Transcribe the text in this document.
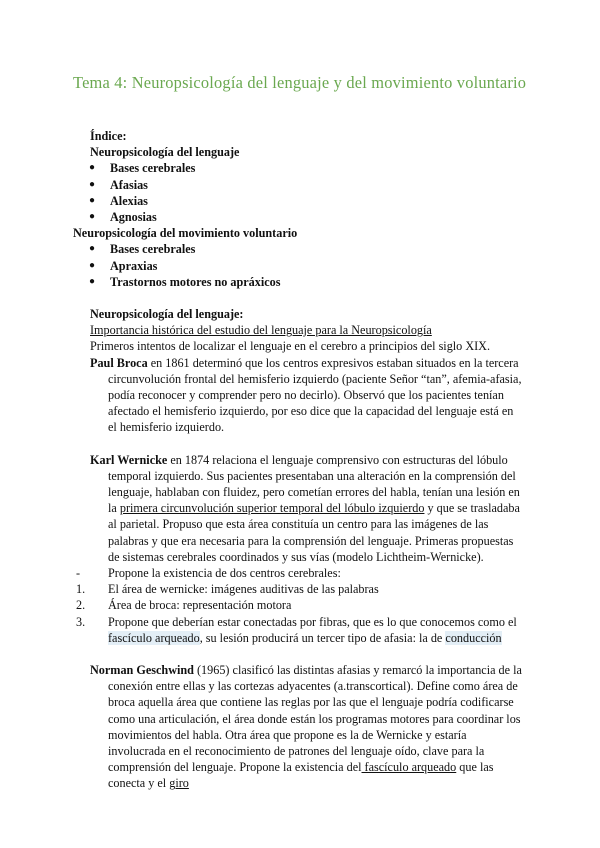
Tema 4: Neuropsicología del lenguaje y del movimiento voluntario
Índice:
Neuropsicología del lenguaje
● Bases cerebrales
● Afasias
● Alexias
● Agnosias
Neuropsicología del movimiento voluntario
● Bases cerebrales
● Apraxias
● Trastornos motores no apráxicos
Neuropsicología del lenguaje:
Importancia histórica del estudio del lenguaje para la Neuropsicología
Primeros intentos de localizar el lenguaje en el cerebro a principios del siglo XIX.
Paul Broca en 1861 determinó que los centros expresivos estaban situados en la tercera circunvolución frontal del hemisferio izquierdo (paciente Señor “tan”, afemia-afasia, podía reconocer y comprender pero no decirlo). Observó que los pacientes tenían afectado el hemisferio izquierdo, por eso dice que la capacidad del lenguaje está en el hemisferio izquierdo.
Karl Wernicke en 1874 relaciona el lenguaje comprensivo con estructuras del lóbulo temporal izquierdo. Sus pacientes presentaban una alteración en la comprensión del lenguaje, hablaban con fluidez, pero cometían errores del habla, tenían una lesión en la primera circunvolución superior temporal del lóbulo izquierdo y que se trasladaba al parietal. Propuso que esta área constituía un centro para las imágenes de las palabras y que era necesaria para la comprensión del lenguaje. Primeras propuestas de sistemas cerebrales coordinados y sus vías (modelo Lichtheim-Wernicke).
- Propone la existencia de dos centros cerebrales:
1. El área de wernicke: imágenes auditivas de las palabras
2. Área de broca: representación motora
3. Propone que deberían estar conectadas por fibras, que es lo que conocemos como el fascículo arqueado, su lesión producirá un tercer tipo de afasia: la de conducción
Norman Geschwind (1965) clasificó las distintas afasias y remarcó la importancia de la conexión entre ellas y las cortezas adyacentes (a.transcortical). Define como área de broca aquella área que contiene las reglas por las que el lenguaje podría codificarse como una articulación, el área donde están los programas motores para coordinar los movimientos del habla. Otra área que propone es la de Wernicke y estaría involucrada en el reconocimiento de patrones del lenguaje oído, clave para la comprensión del lenguaje. Propone la existencia del fascículo arqueado que las conecta y el giro
